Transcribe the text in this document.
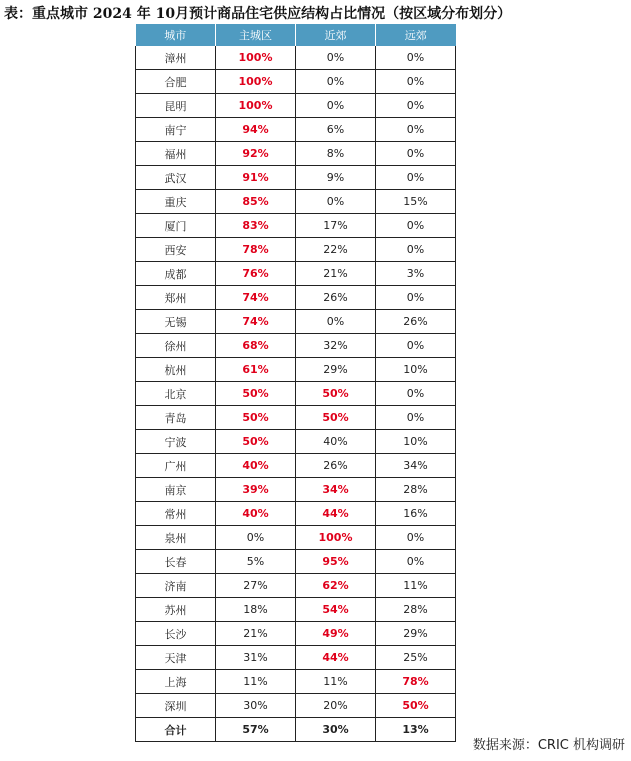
表：重点城市 2024 年 10月预计商品住宅供应结构占比情况（按区域分布划分）
城市	主城区	近郊	远郊
漳州	100%	0%	0%
合肥	100%	0%	0%
昆明	100%	0%	0%
南宁	94%	6%	0%
福州	92%	8%	0%
武汉	91%	9%	0%
重庆	85%	0%	15%
厦门	83%	17%	0%
西安	78%	22%	0%
成都	76%	21%	3%
郑州	74%	26%	0%
无锡	74%	0%	26%
徐州	68%	32%	0%
杭州	61%	29%	10%
北京	50%	50%	0%
青岛	50%	50%	0%
宁波	50%	40%	10%
广州	40%	26%	34%
南京	39%	34%	28%
常州	40%	44%	16%
泉州	0%	100%	0%
长春	5%	95%	0%
济南	27%	62%	11%
苏州	18%	54%	28%
长沙	21%	49%	29%
天津	31%	44%	25%
上海	11%	11%	78%
深圳	30%	20%	50%
合计	57%	30%	13%
数据来源：CRIC 机构调研
